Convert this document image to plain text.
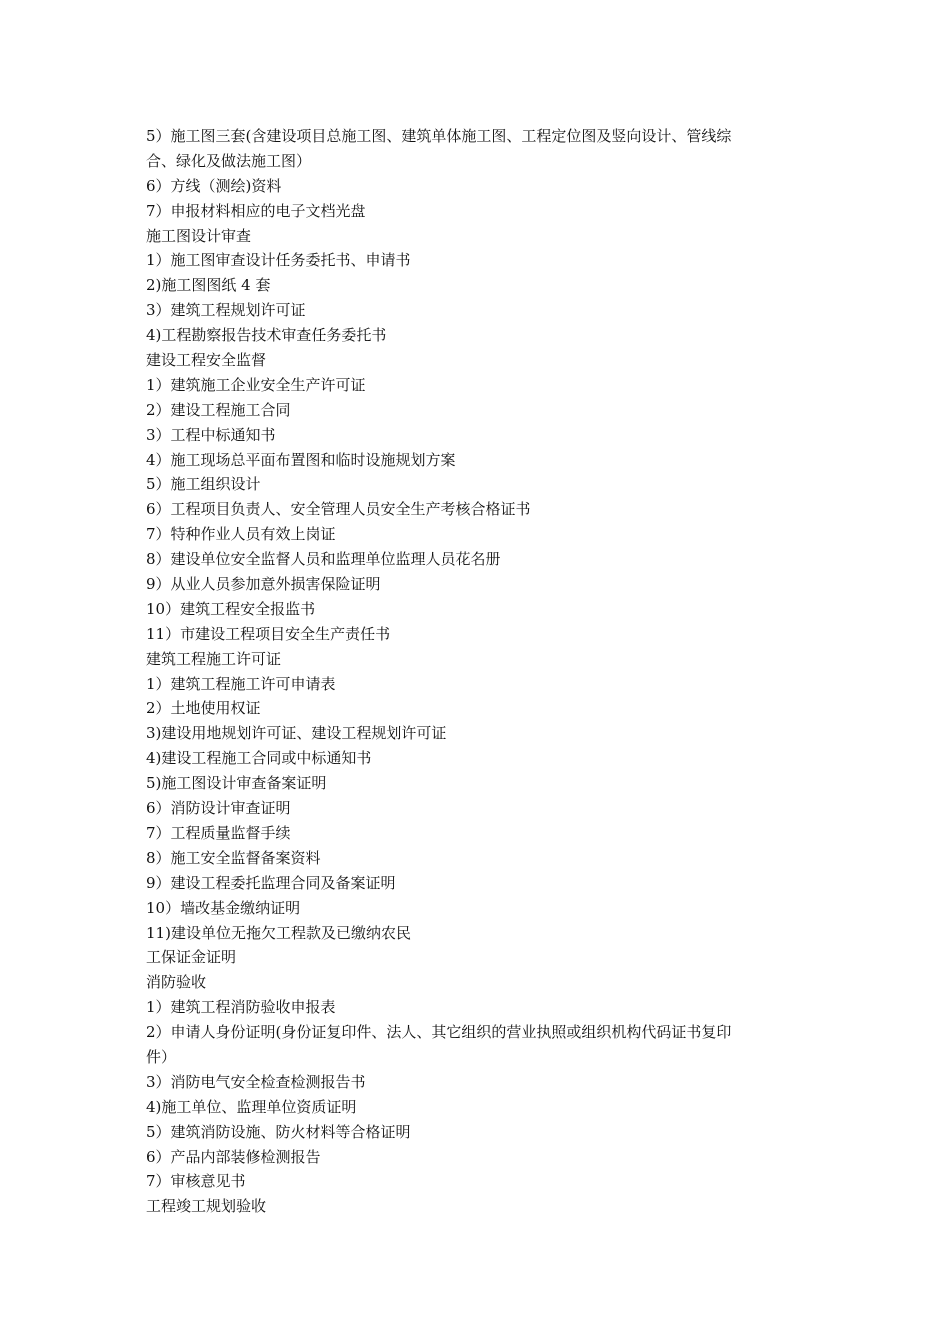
5）施工图三套(含建设项目总施工图、建筑单体施工图、工程定位图及竖向设计、管线综
合、绿化及做法施工图）
6）方线（测绘)资料
7）申报材料相应的电子文档光盘
施工图设计审查
1）施工图审查设计任务委托书、申请书
2)施工图图纸 4 套
3）建筑工程规划许可证
4)工程勘察报告技术审查任务委托书
建设工程安全监督
1）建筑施工企业安全生产许可证
2）建设工程施工合同
3）工程中标通知书
4）施工现场总平面布置图和临时设施规划方案
5）施工组织设计
6）工程项目负责人、安全管理人员安全生产考核合格证书
7）特种作业人员有效上岗证
8）建设单位安全监督人员和监理单位监理人员花名册
9）从业人员参加意外损害保险证明
10）建筑工程安全报监书
11）市建设工程项目安全生产责任书
建筑工程施工许可证
1）建筑工程施工许可申请表
2）土地使用权证
3)建设用地规划许可证、建设工程规划许可证
4)建设工程施工合同或中标通知书
5)施工图设计审查备案证明
6）消防设计审查证明
7）工程质量监督手续
8）施工安全监督备案资料
9）建设工程委托监理合同及备案证明
10）墙改基金缴纳证明
11)建设单位无拖欠工程款及已缴纳农民
工保证金证明
消防验收
1）建筑工程消防验收申报表
2）申请人身份证明(身份证复印件、法人、其它组织的营业执照或组织机构代码证书复印
件）
3）消防电气安全检查检测报告书
4)施工单位、监理单位资质证明
5）建筑消防设施、防火材料等合格证明
6）产品内部装修检测报告
7）审核意见书
工程竣工规划验收
